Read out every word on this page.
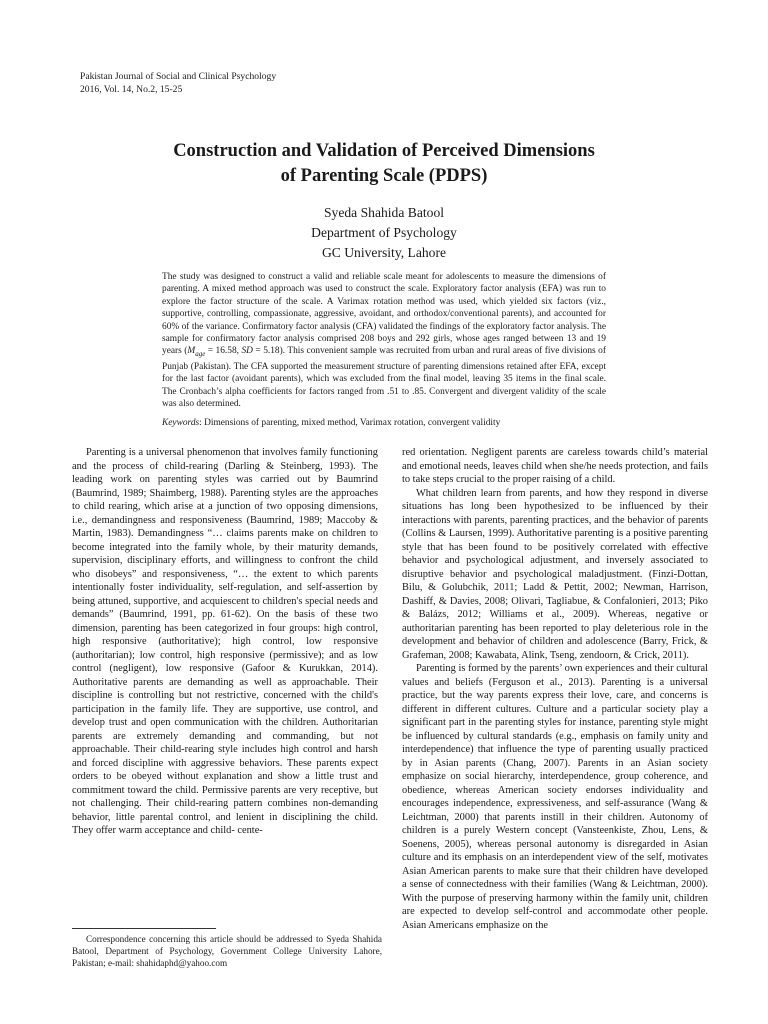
Pakistan Journal of Social and Clinical Psychology
2016, Vol. 14, No.2, 15-25
Construction and Validation of Perceived Dimensions
of Parenting Scale (PDPS)
Syeda Shahida Batool
Department of Psychology
GC University, Lahore
The study was designed to construct a valid and reliable scale meant for adolescents to measure the dimensions of parenting. A mixed method approach was used to construct the scale. Exploratory factor analysis (EFA) was run to explore the factor structure of the scale. A Varimax rotation method was used, which yielded six factors (viz., supportive, controlling, compassionate, aggressive, avoidant, and orthodox/conventional parents), and accounted for 60% of the variance. Confirmatory factor analysis (CFA) validated the findings of the exploratory factor analysis. The sample for confirmatory factor analysis comprised 208 boys and 292 girls, whose ages ranged between 13 and 19 years ($M_{age} = 16.58$, SD = 5.18). This convenient sample was recruited from urban and rural areas of five divisions of Punjab (Pakistan). The CFA supported the measurement structure of parenting dimensions retained after EFA, except for the last factor (avoidant parents), which was excluded from the final model, leaving 35 items in the final scale. The Cronbach’s alpha coefficients for factors ranged from .51 to .85. Convergent and divergent validity of the scale was also determined.
Keywords: Dimensions of parenting, mixed method, Varimax rotation, convergent validity

Parenting is a universal phenomenon that involves family functioning and the process of child-rearing (Darling & Steinberg, 1993). The leading work on parenting styles was carried out by Baumrind (Baumrind, 1989; Shaimberg, 1988). Parenting styles are the approaches to child rearing, which arise at a junction of two opposing dimensions, i.e., demandingness and responsiveness (Baumrind, 1989; Maccoby & Martin, 1983). Demandingness “… claims parents make on children to become integrated into the family whole, by their maturity demands, supervision, disciplinary efforts, and willingness to confront the child who disobeys” and responsiveness, “… the extent to which parents intentionally foster individuality, self-regulation, and self-assertion by being attuned, supportive, and acquiescent to children's special needs and demands” (Baumrind, 1991, pp. 61-62). On the basis of these two dimension, parenting has been categorized in four groups: high control, high responsive (authoritative); high control, low responsive (authoritarian); low control, high responsive (permissive); and as low control (negligent), low responsive (Gafoor & Kurukkan, 2014). Authoritative parents are demanding as well as approachable. Their discipline is controlling but not restrictive, concerned with the child's participation in the family life. They are supportive, use control, and develop trust and open communication with the children. Authoritarian parents are extremely demanding and commanding, but not approachable. Their child-rearing style includes high control and harsh and forced discipline with aggressive behaviors. These parents expect orders to be obeyed without explanation and show a little trust and commitment toward the child. Permissive parents are very receptive, but not challenging. Their child-rearing pattern combines non-demanding behavior, little parental control, and lenient in disciplining the child. They offer warm acceptance and child- cente-

red orientation. Negligent parents are careless towards child’s material and emotional needs, leaves child when she/he needs protection, and fails to take steps crucial to the proper raising of a child.

What children learn from parents, and how they respond in diverse situations has long been hypothesized to be influenced by their interactions with parents, parenting practices, and the behavior of parents (Collins & Laursen, 1999). Authoritative parenting is a positive parenting style that has been found to be positively correlated with effective behavior and psychological adjustment, and inversely associated to disruptive behavior and psychological maladjustment. (Finzi-Dottan, Bilu, & Golubchik, 2011; Ladd & Pettit, 2002; Newman, Harrison, Dashiff, & Davies, 2008; Olivari, Tagliabue, & Confalonieri, 2013; Piko & Balázs, 2012; Williams et al., 2009). Whereas, negative or authoritarian parenting has been reported to play deleterious role in the development and behavior of children and adolescence (Barry, Frick, & Grafeman, 2008; Kawabata, Alink, Tseng, zendoorn, & Crick, 2011).

Parenting is formed by the parents’ own experiences and their cultural values and beliefs (Ferguson et al., 2013). Parenting is a universal practice, but the way parents express their love, care, and concerns is different in different cultures. Culture and a particular society play a significant part in the parenting styles for instance, parenting style might be influenced by cultural standards (e.g., emphasis on family unity and interdependence) that influence the type of parenting usually practiced by in Asian parents (Chang, 2007). Parents in an Asian society emphasize on social hierarchy, interdependence, group coherence, and obedience, whereas American society endorses individuality and encourages independence, expressiveness, and self-assurance (Wang & Leichtman, 2000) that parents instill in their children. Autonomy of children is a purely Western concept (Vansteenkiste, Zhou, Lens, & Soenens, 2005), whereas personal autonomy is disregarded in Asian culture and its emphasis on an interdependent view of the self, motivates Asian American parents to make sure that their children have developed a sense of connectedness with their families (Wang & Leichtman, 2000). With the purpose of preserving harmony within the family unit, children are expected to develop self-control and accommodate other people. Asian Americans emphasize on the

Correspondence concerning this article should be addressed to Syeda Shahida Batool, Department of Psychology, Government College University Lahore, Pakistan; e-mail: shahidaphd@yahoo.com
